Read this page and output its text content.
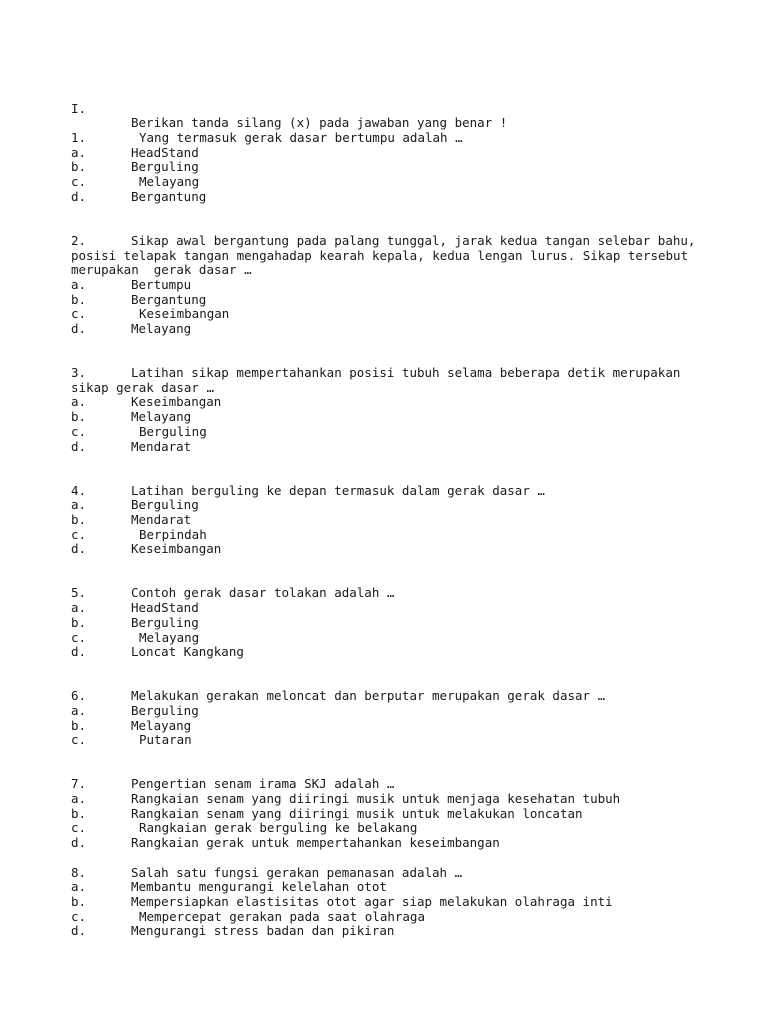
I.

Berikan tanda silang (x) pada jawaban yang benar !

1.	Yang termasuk gerak dasar bertumpu adalah …
a.	HeadStand
b.	Berguling
c.	Melayang
d.	Bergantung
2.	Sikap awal bergantung pada palang tunggal, jarak kedua tangan selebar bahu,
posisi telapak tangan mengahadap kearah kepala, kedua lengan lurus. Sikap tersebut
merupakan  gerak dasar …
a.	Bertumpu
b.	Bergantung
c.	Keseimbangan
d.	Melayang
3.	Latihan sikap mempertahankan posisi tubuh selama beberapa detik merupakan
sikap gerak dasar …
a.	Keseimbangan
b.	Melayang
c.	Berguling
d.	Mendarat
4.	Latihan berguling ke depan termasuk dalam gerak dasar …
a.	Berguling
b.	Mendarat
c.	Berpindah
d.	Keseimbangan
5.	Contoh gerak dasar tolakan adalah …
a.	HeadStand
b.	Berguling
c.	Melayang
d.	Loncat Kangkang
6.	Melakukan gerakan meloncat dan berputar merupakan gerak dasar …
a.	Berguling
b.	Melayang
c.	Putaran
7.	Pengertian senam irama SKJ adalah …
a.	Rangkaian senam yang diiringi musik untuk menjaga kesehatan tubuh
b.	Rangkaian senam yang diiringi musik untuk melakukan loncatan
c.	Rangkaian gerak berguling ke belakang
d.	Rangkaian gerak untuk mempertahankan keseimbangan
8.	Salah satu fungsi gerakan pemanasan adalah …
a.	Membantu mengurangi kelelahan otot
b.	Mempersiapkan elastisitas otot agar siap melakukan olahraga inti
c.	Mempercepat gerakan pada saat olahraga
d.	Mengurangi stress badan dan pikiran
